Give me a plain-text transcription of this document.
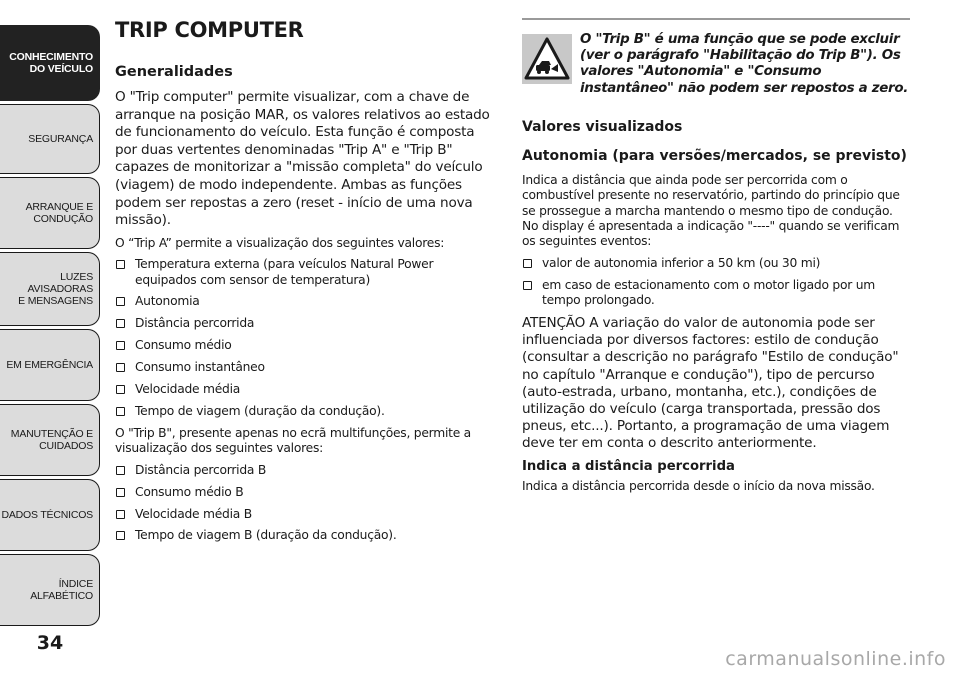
CONHECIMENTO
DO VEÍCULO
SEGURANÇA
ARRANQUE E
CONDUÇÃO
LUZES AVISADORAS
E MENSAGENS
EM EMERGÊNCIA
MANUTENÇÃO E
CUIDADOS
DADOS TÉCNICOS
ÍNDICE ALFABÉTICO
34
TRIP COMPUTER
Generalidades

O "Trip computer" permite visualizar, com a chave de arranque na posição MAR, os valores relativos ao estado de funcionamento do veículo. Esta função é composta por duas vertentes denominadas "Trip A" e "Trip B" capazes de monitorizar a "missão completa" do veículo (viagem) de modo independente. Ambas as funções podem ser repostas a zero (reset - início de uma nova missão).

O “Trip A” permite a visualização dos seguintes valores:

Temperatura externa (para veículos Natural Power equipados com sensor de temperatura)
Autonomia
Distância percorrida
Consumo médio
Consumo instantâneo
Velocidade média
Tempo de viagem (duração da condução).

O "Trip B", presente apenas no ecrã multifunções, permite a visualização dos seguintes valores:

Distância percorrida B
Consumo médio B
Velocidade média B
Tempo de viagem B (duração da condução).
O "Trip B" é uma função que se pode excluir (ver o parágrafo "Habilitação do Trip B"). Os valores "Autonomia" e "Consumo instantâneo" não podem ser repostos a zero.
Valores visualizados
Autonomia (para versões/mercados, se previsto)

Indica a distância que ainda pode ser percorrida com o combustível presente no reservatório, partindo do princípio que se prossegue a marcha mantendo o mesmo tipo de condução. No display é apresentada a indicação "----" quando se verificam os seguintes eventos:

valor de autonomia inferior a 50 km (ou 30 mi)
em caso de estacionamento com o motor ligado por um tempo prolongado.

ATENÇÃO A variação do valor de autonomia pode ser influenciada por diversos factores: estilo de condução (consultar a descrição no parágrafo "Estilo de condução" no capítulo "Arranque e condução"), tipo de percurso (auto-estrada, urbano, montanha, etc.), condições de utilização do veículo (carga transportada, pressão dos pneus, etc...). Portanto, a programação de uma viagem deve ter em conta o descrito anteriormente.

Indica a distância percorrida

Indica a distância percorrida desde o início da nova missão.

carmanualsonline.info
